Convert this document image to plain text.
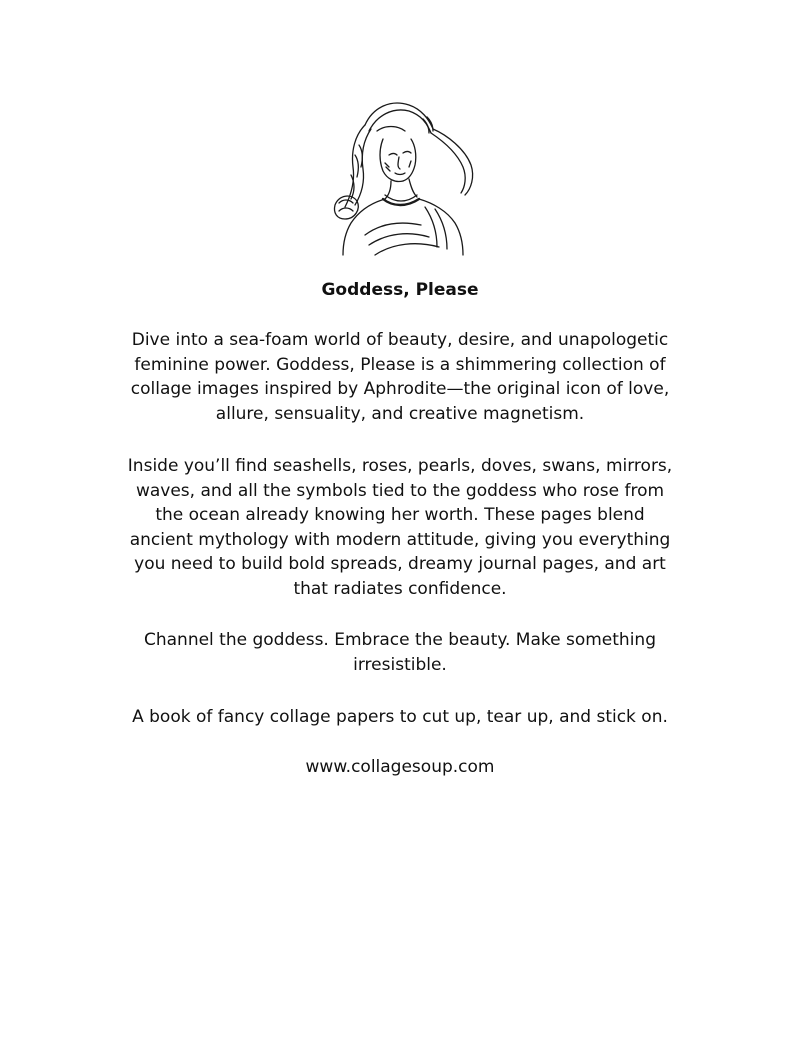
Goddess, Please
Dive into a sea-foam world of beauty, desire, and unapologetic
feminine power. Goddess, Please is a shimmering collection of
collage images inspired by Aphrodite—the original icon of love,
allure, sensuality, and creative magnetism.
Inside you’ll find seashells, roses, pearls, doves, swans, mirrors,
waves, and all the symbols tied to the goddess who rose from
the ocean already knowing her worth. These pages blend
ancient mythology with modern attitude, giving you everything
you need to build bold spreads, dreamy journal pages, and art
that radiates confidence.
Channel the goddess. Embrace the beauty. Make something
irresistible.
A book of fancy collage papers to cut up, tear up, and stick on.
www.collagesoup.com
